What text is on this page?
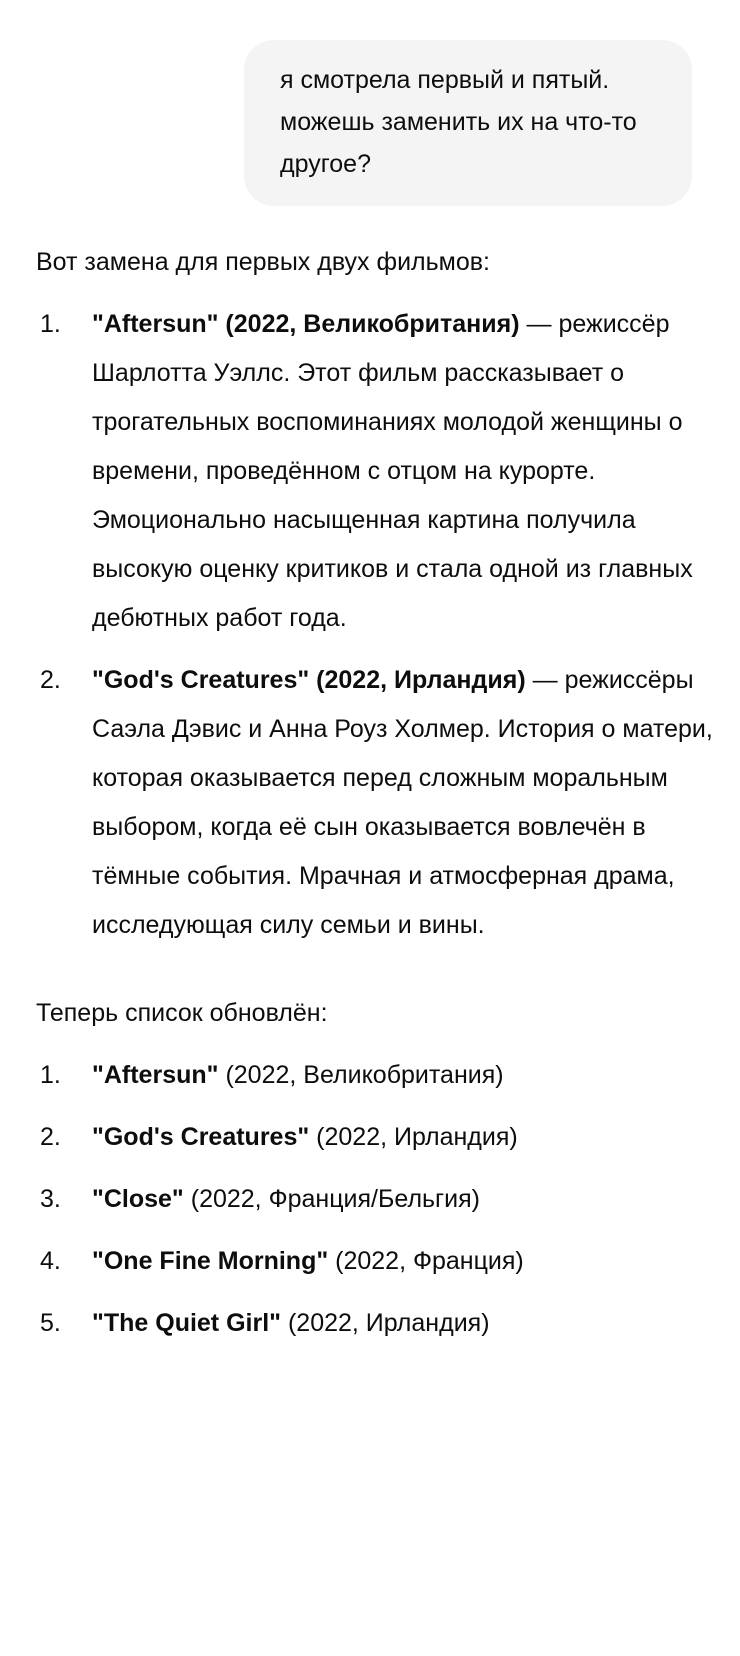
я смотрела первый и пятый. можешь заменить их на что-то другое?

Вот замена для первых двух фильмов:

1. "Aftersun" (2022, Великобритания) — режиссёр Шарлотта Уэллс. Этот фильм рассказывает о трогательных воспоминаниях молодой женщины о времени, проведённом с отцом на курорте. Эмоционально насыщенная картина получила высокую оценку критиков и стала одной из главных дебютных работ года.
2. "God's Creatures" (2022, Ирландия) — режиссёры Саэла Дэвис и Анна Роуз Холмер. История о матери, которая оказывается перед сложным моральным выбором, когда её сын оказывается вовлечён в тёмные события. Мрачная и атмосферная драма, исследующая силу семьи и вины.

Теперь список обновлён:

1. "Aftersun" (2022, Великобритания)
2. "God's Creatures" (2022, Ирландия)
3. "Close" (2022, Франция/Бельгия)
4. "One Fine Morning" (2022, Франция)
5. "The Quiet Girl" (2022, Ирландия)
